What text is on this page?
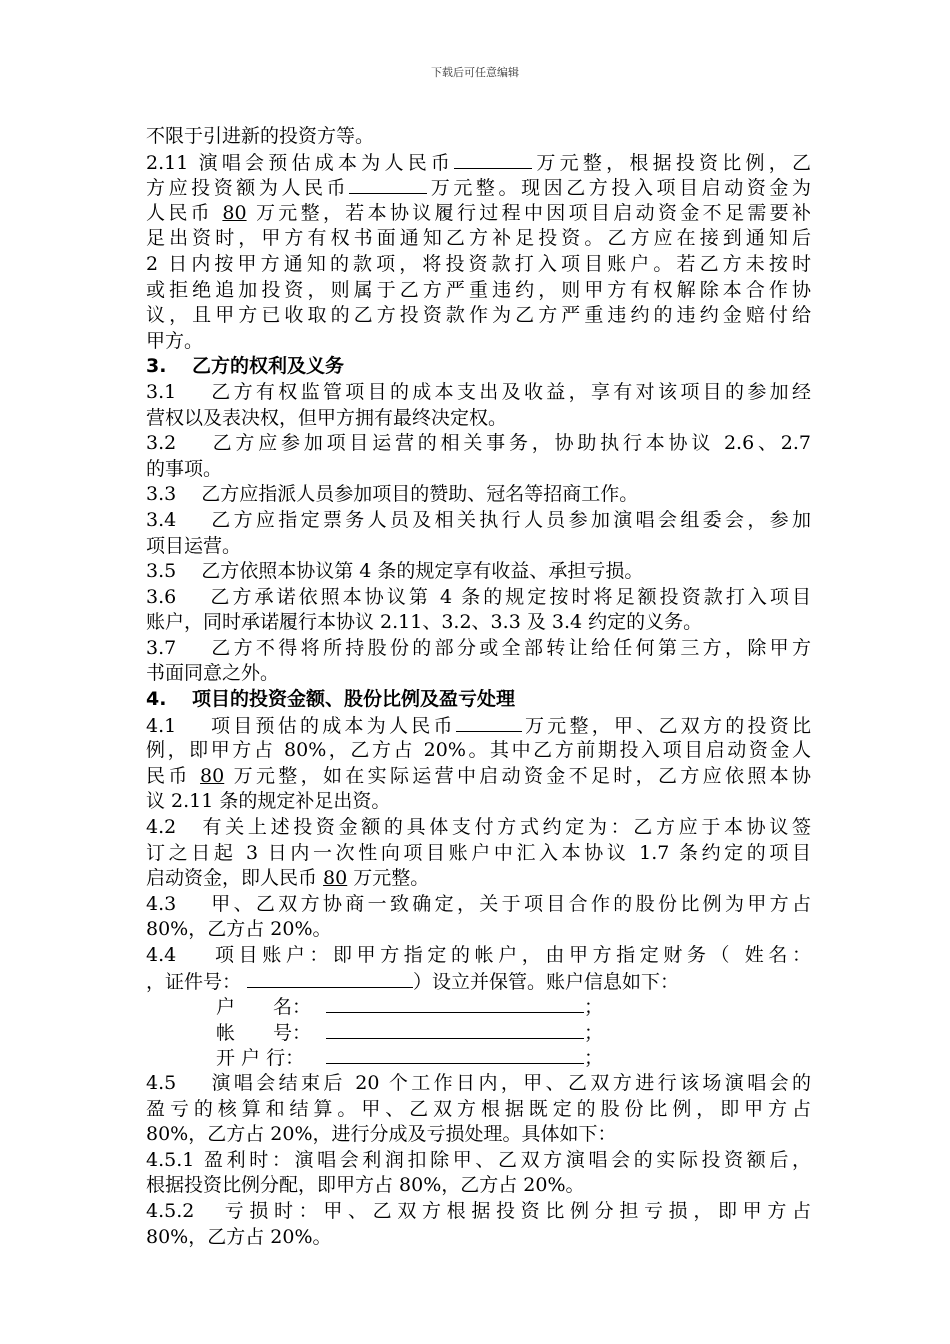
下载后可任意编辑
不限于引进新的投资方等。
2.11 演唱会预估成本为人民币	万元整，根据投资比例，乙
方应投资额为人民币	万元整。现因乙方投入项目启动资金为
人民币 80 万元整，若本协议履行过程中因项目启动资金不足需要补
足出资时，甲方有权书面通知乙方补足投资。乙方应在接到通知后
2 日内按甲方通知的款项，将投资款打入项目账户。若乙方未按时
或拒绝追加投资，则属于乙方严重违约，则甲方有权解除本合作协
议，且甲方已收取的乙方投资款作为乙方严重违约的违约金赔付给
甲方。
3.　 乙方的权利及义务
3.1　 乙方有权监管项目的成本支出及收益，享有对该项目的参加经
营权以及表决权，但甲方拥有最终决定权。
3.2　 乙方应参加项目运营的相关事务，协助执行本协议 2.6、2.7
的事项。
3.3　 乙方应指派人员参加项目的赞助、冠名等招商工作。
3.4　 乙方应指定票务人员及相关执行人员参加演唱会组委会，参加
项目运营。
3.5　 乙方依照本协议第 4 条的规定享有收益、承担亏损。
3.6　 乙方承诺依照本协议第 4 条的规定按时将足额投资款打入项目
账户，同时承诺履行本协议 2.11、3.2、3.3 及 3.4 约定的义务。
3.7　 乙方不得将所持股份的部分或全部转让给任何第三方，除甲方
书面同意之外。
4.　 项目的投资金额、股份比例及盈亏处理
4.1　 项目预估的成本为人民币	万元整，甲、乙双方的投资比
例，即甲方占 80%，乙方占 20%。其中乙方前期投入项目启动资金人
民币 80 万元整，如在实际运营中启动资金不足时，乙方应依照本协
议 2.11 条的规定补足出资。
4.2　有关上述投资金额的具体支付方式约定为：乙方应于本协议签
订之日起 3 日内一次性向项目账户中汇入本协议 1.7 条约定的项目
启动资金，即人民币 80 万元整。
4.3　 甲、乙双方协商一致确定，关于项目合作的股份比例为甲方占
80%，乙方占 20%。
4.4　 项目账户：即甲方指定的帐户，由甲方指定财务（ 姓名：
，证件号：	）设立并保管。账户信息如下：
户　　名：	；
帐　　号：	；
开 户 行：	；
4.5　 演唱会结束后 20 个工作日内，甲、乙双方进行该场演唱会的
盈亏的核算和结算。甲、乙双方根据既定的股份比例，即甲方占
80%，乙方占 20%，进行分成及亏损处理。具体如下：
4.5.1 盈利时：演唱会利润扣除甲、乙双方演唱会的实际投资额后，
根据投资比例分配，即甲方占 80%，乙方占 20%。
4.5.2　亏损时：甲、乙双方根据投资比例分担亏损，即甲方占
80%，乙方占 20%。
